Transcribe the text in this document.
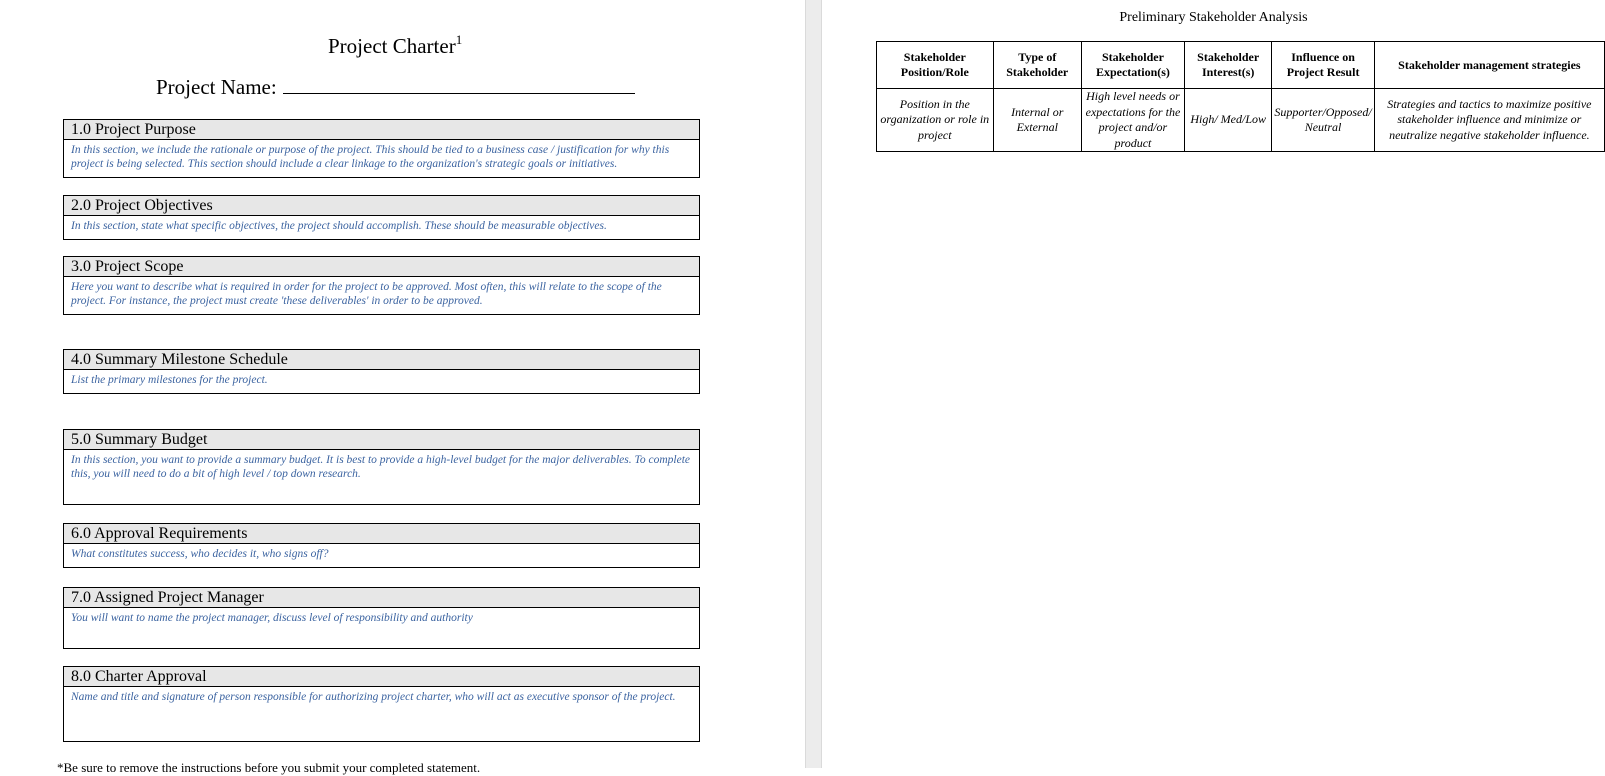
Project Charter$^1$
Project Name:
1.0 Project Purpose
In this section, we include the rationale or purpose of the project. This should be tied to a business case / justification for why this project is being selected. This section should include a clear linkage to the organization's strategic goals or initiatives.
2.0 Project Objectives
In this section, state what specific objectives, the project should accomplish. These should be measurable objectives.
3.0 Project Scope
Here you want to describe what is required in order for the project to be approved. Most often, this will relate to the scope of the project. For instance, the project must create 'these deliverables' in order to be approved.
4.0 Summary Milestone Schedule
List the primary milestones for the project.
5.0 Summary Budget
In this section, you want to provide a summary budget. It is best to provide a high-level budget for the major deliverables. To complete this, you will need to do a bit of high level / top down research.
6.0 Approval Requirements
What constitutes success, who decides it, who signs off?
7.0 Assigned Project Manager
You will want to name the project manager, discuss level of responsibility and authority
8.0 Charter Approval
Name and title and signature of person responsible for authorizing project charter, who will act as executive sponsor of the project.
*Be sure to remove the instructions before you submit your completed statement.
Preliminary Stakeholder Analysis
Stakeholder Position/Role	Type of Stakeholder	Stakeholder Expectation(s)	Stakeholder Interest(s)	Influence on Project Result	Stakeholder management strategies
Position in the organization or role in project	Internal or External	High level needs or expectations for the project and/or product	High/ Med/Low	Supporter/Opposed/ Neutral	Strategies and tactics to maximize positive stakeholder influence and minimize or neutralize negative stakeholder influence.
